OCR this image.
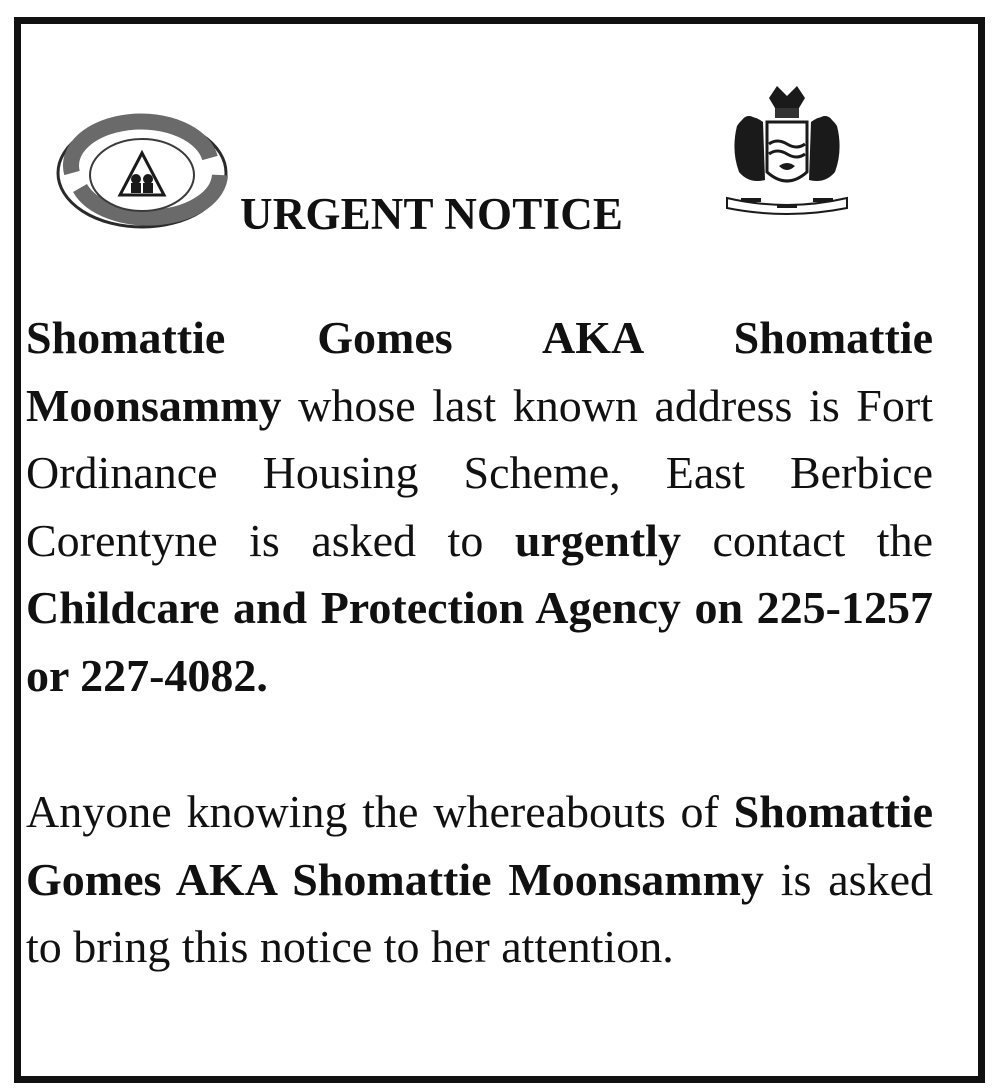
URGENT NOTICE
Shomattie Gomes AKA Shomattie Moonsammy whose last known address is Fort Ordinance Housing Scheme, East Berbice Corentyne is asked to urgently contact the Childcare and Protection Agency on 225-1257 or 227-4082.
Anyone knowing the whereabouts of Shomattie Gomes AKA Shomattie Moonsammy is asked to bring this notice to her attention.
